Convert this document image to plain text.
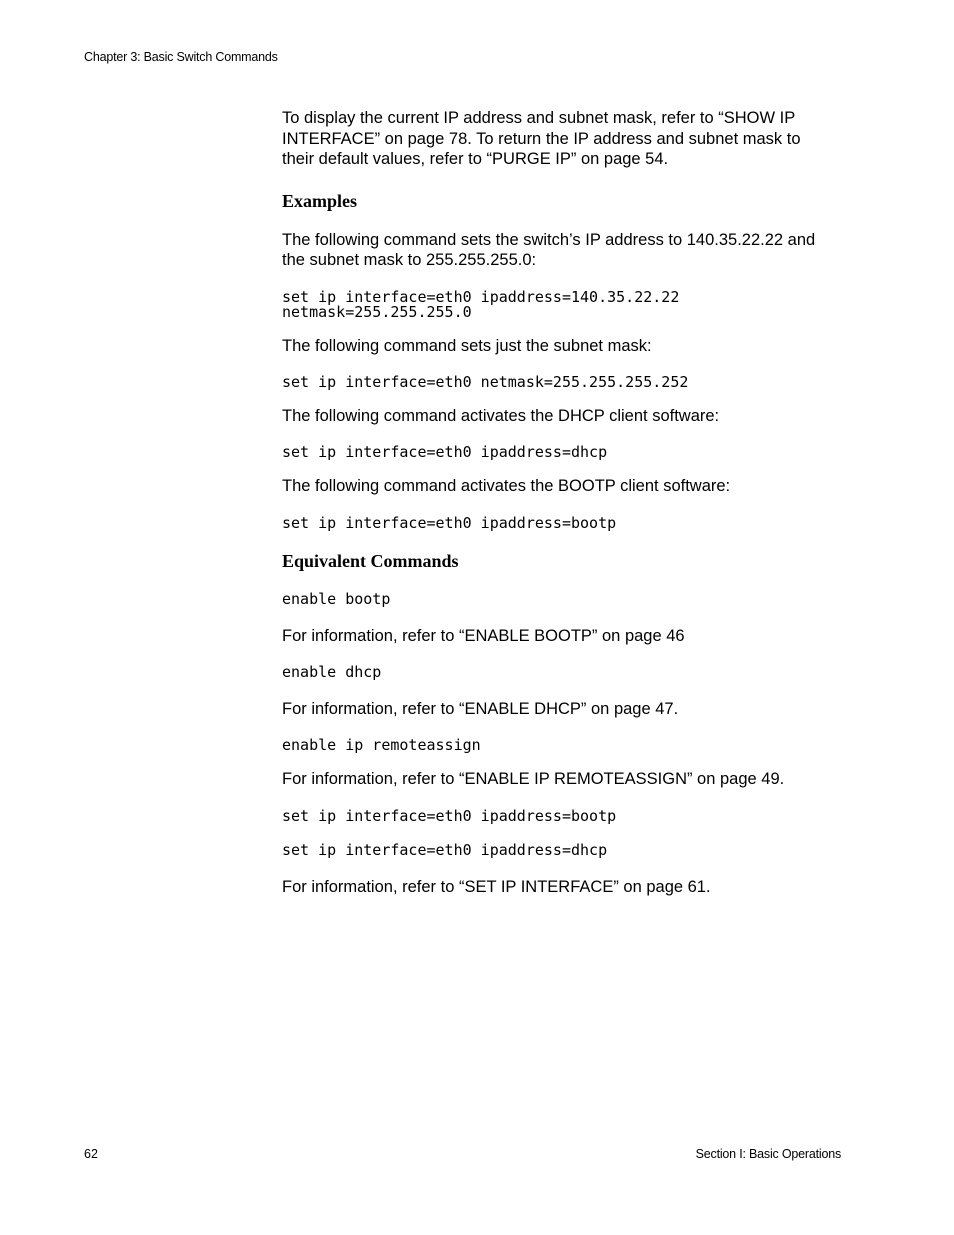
Chapter 3: Basic Switch Commands
To display the current IP address and subnet mask, refer to “SHOW IP
INTERFACE” on page 78. To return the IP address and subnet mask to
their default values, refer to “PURGE IP” on page 54.
Examples
The following command sets the switch’s IP address to 140.35.22.22 and
the subnet mask to 255.255.255.0:
set ip interface=eth0 ipaddress=140.35.22.22
netmask=255.255.255.0
The following command sets just the subnet mask:
set ip interface=eth0 netmask=255.255.255.252
The following command activates the DHCP client software:
set ip interface=eth0 ipaddress=dhcp
The following command activates the BOOTP client software:
set ip interface=eth0 ipaddress=bootp
Equivalent Commands
enable bootp
For information, refer to “ENABLE BOOTP” on page 46
enable dhcp
For information, refer to “ENABLE DHCP” on page 47.
enable ip remoteassign
For information, refer to “ENABLE IP REMOTEASSIGN” on page 49.
set ip interface=eth0 ipaddress=bootp
set ip interface=eth0 ipaddress=dhcp
For information, refer to “SET IP INTERFACE” on page 61.
62	Section I: Basic Operations
